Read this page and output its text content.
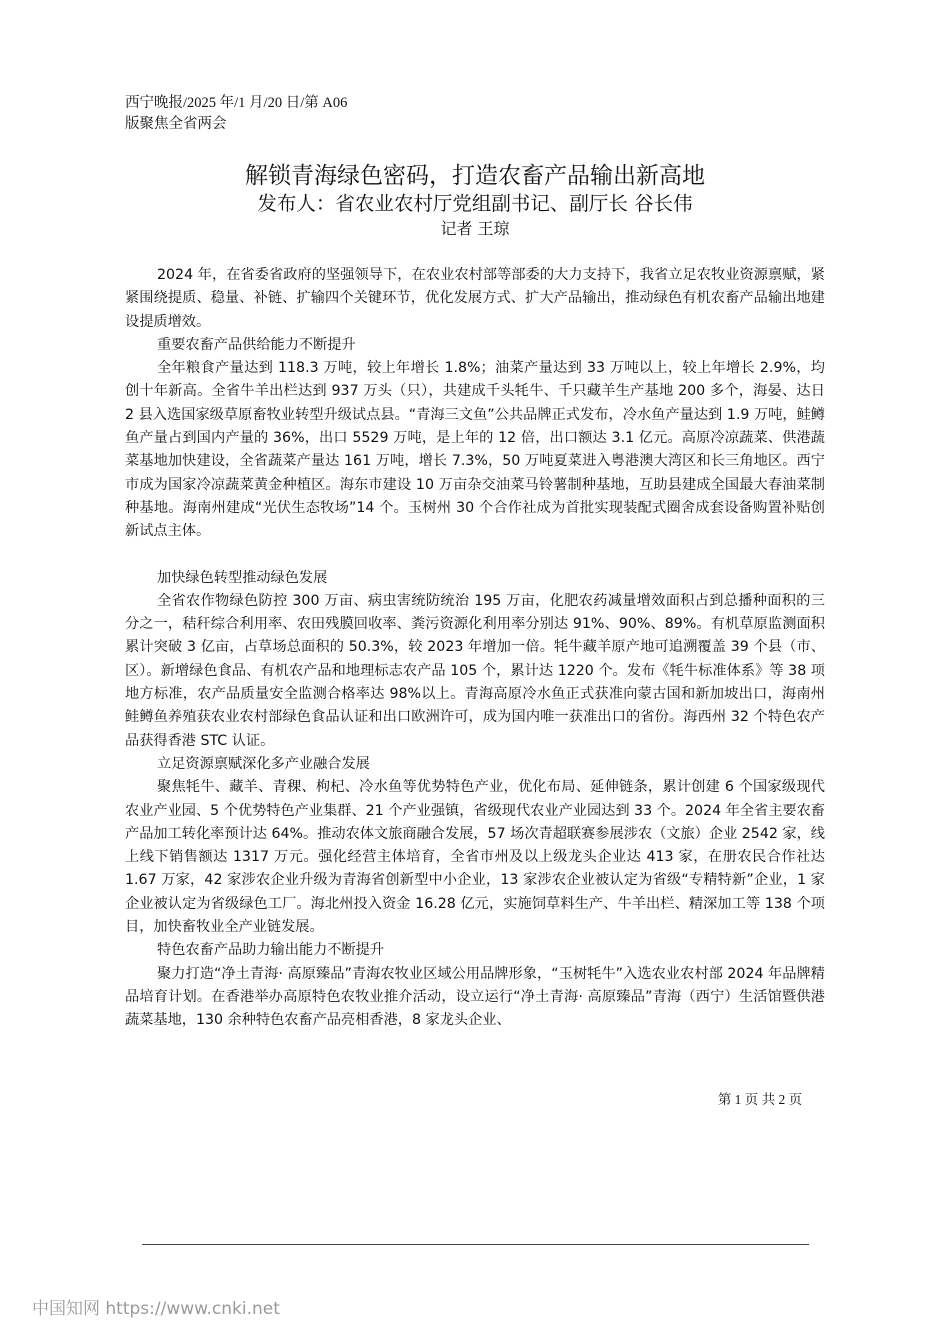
西宁晚报/2025 年/1 月/20 日/第 A06
版聚焦全省两会
解锁青海绿色密码，打造农畜产品输出新高地
发布人：省农业农村厅党组副书记、副厅长 谷长伟
记者 王琼

2024 年，在省委省政府的坚强领导下，在农业农村部等部委的大力支持下，我省立足农牧业资源禀赋，紧紧围绕提质、稳量、补链、扩输四个关键环节，优化发展方式、扩大产品输出，推动绿色有机农畜产品输出地建设提质增效。

重要农畜产品供给能力不断提升

全年粮食产量达到 118.3 万吨，较上年增长 1.8%；油菜产量达到 33 万吨以上，较上年增长 2.9%，均创十年新高。全省牛羊出栏达到 937 万头（只），共建成千头牦牛、千只藏羊生产基地 200 多个，海晏、达日 2 县入选国家级草原畜牧业转型升级试点县。“青海三文鱼”公共品牌正式发布，冷水鱼产量达到 1.9 万吨，鲑鳟鱼产量占到国内产量的 36%，出口 5529 万吨，是上年的 12 倍，出口额达 3.1 亿元。高原冷凉蔬菜、供港蔬菜基地加快建设，全省蔬菜产量达 161 万吨，增长 7.3%，50 万吨夏菜进入粤港澳大湾区和长三角地区。西宁市成为国家冷凉蔬菜黄金种植区。海东市建设 10 万亩杂交油菜马铃薯制种基地，互助县建成全国最大春油菜制种基地。海南州建成“光伏生态牧场”14 个。玉树州 30 个合作社成为首批实现装配式圈舍成套设备购置补贴创新试点主体。

加快绿色转型推动绿色发展

全省农作物绿色防控 300 万亩、病虫害统防统治 195 万亩，化肥农药减量增效面积占到总播种面积的三分之一，秸秆综合利用率、农田残膜回收率、粪污资源化利用率分别达 91%、90%、89%。有机草原监测面积累计突破 3 亿亩，占草场总面积的 50.3%，较 2023 年增加一倍。牦牛藏羊原产地可追溯覆盖 39 个县（市、区）。新增绿色食品、有机农产品和地理标志农产品 105 个，累计达 1220 个。发布《牦牛标准体系》等 38 项地方标准，农产品质量安全监测合格率达 98%以上。青海高原冷水鱼正式获准向蒙古国和新加坡出口，海南州鲑鳟鱼养殖获农业农村部绿色食品认证和出口欧洲许可，成为国内唯一获准出口的省份。海西州 32 个特色农产品获得香港 STC 认证。

立足资源禀赋深化多产业融合发展

聚焦牦牛、藏羊、青稞、枸杞、冷水鱼等优势特色产业，优化布局、延伸链条，累计创建 6 个国家级现代农业产业园、5 个优势特色产业集群、21 个产业强镇，省级现代农业产业园达到 33 个。2024 年全省主要农畜产品加工转化率预计达 64%。推动农体文旅商融合发展，57 场次青超联赛参展涉农（文旅）企业 2542 家，线上线下销售额达 1317 万元。强化经营主体培育，全省市州及以上级龙头企业达 413 家，在册农民合作社达 1.67 万家，42 家涉农企业升级为青海省创新型中小企业，13 家涉农企业被认定为省级“专精特新”企业，1 家企业被认定为省级绿色工厂。海北州投入资金 16.28 亿元，实施饲草料生产、牛羊出栏、精深加工等 138 个项目，加快畜牧业全产业链发展。

特色农畜产品助力输出能力不断提升

聚力打造“净土青海· 高原臻品”青海农牧业区域公用品牌形象，“玉树牦牛”入选农业农村部 2024 年品牌精品培育计划。在香港举办高原特色农牧业推介活动，设立运行“净土青海· 高原臻品”青海（西宁）生活馆暨供港蔬菜基地，130 余种特色农畜产品亮相香港，8 家龙头企业、

第 1 页 共 2 页
中国知网 https://www.cnki.net
